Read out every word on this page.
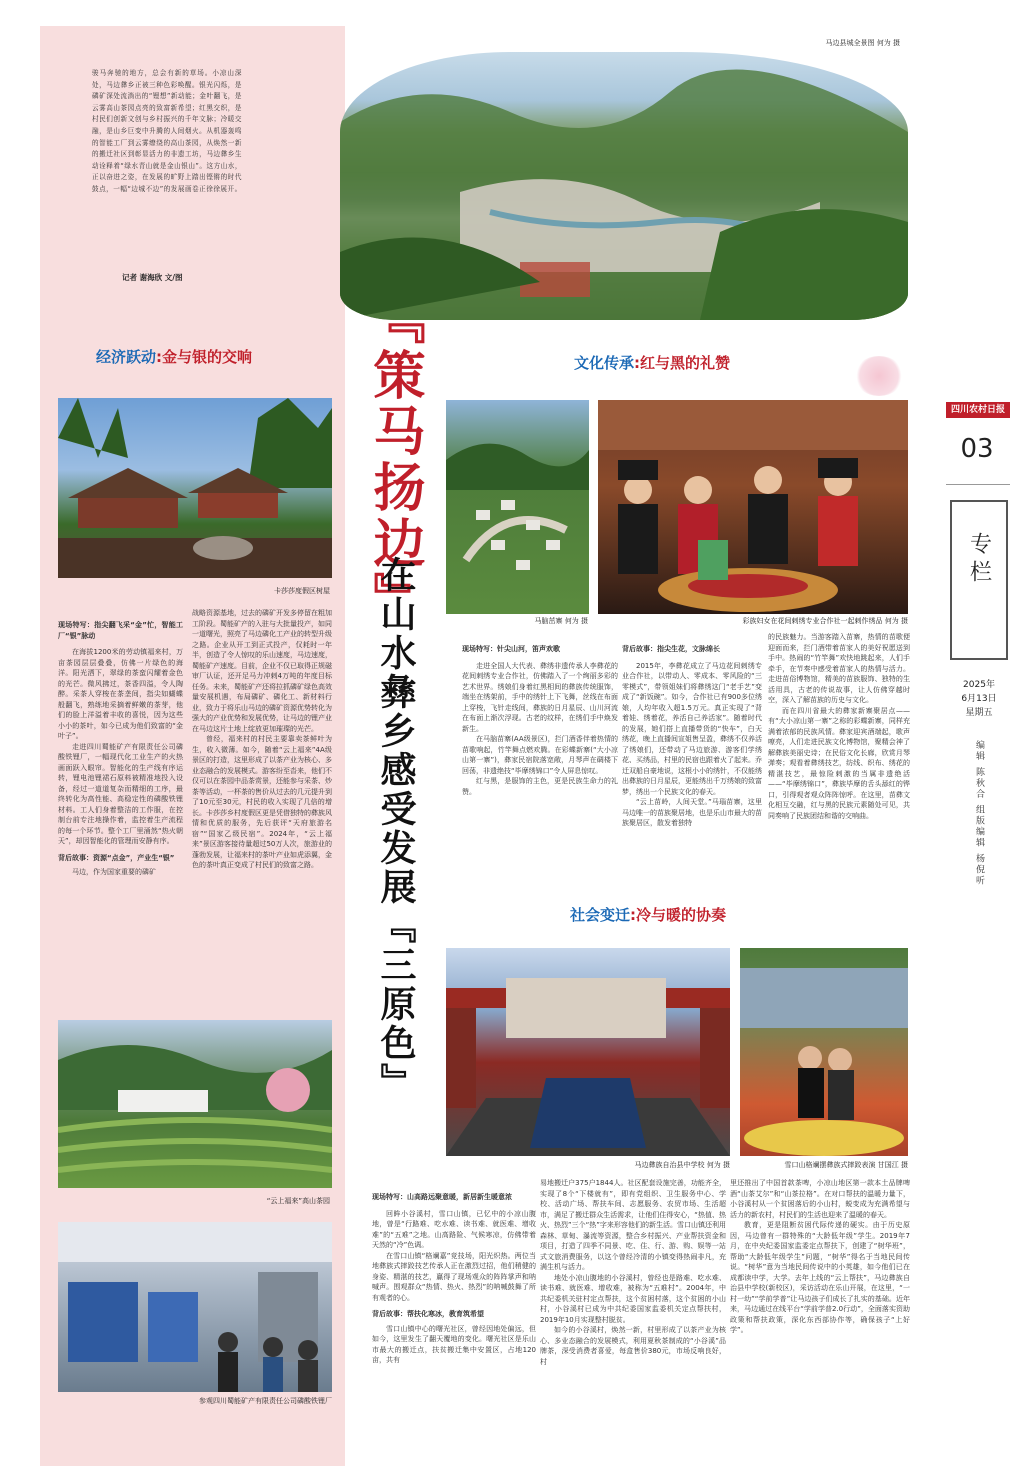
骏马奔驰的地方，总会有新的草场。小凉山深处，马边彝乡正被三种色彩唤醒。银光闪烁，是磷矿深处流淌出的“锂想”新动能；金叶翻飞，是云雾高山茶园点亮的致富新希望；红黑交织，是村民们创新文创与乡村振兴的千年文脉；冷暖交融，是山乡巨变中升腾的人间烟火。从机器轰鸣的智能工厂到云雾缭绕的高山茶园，从焕然一新的搬迁社区到彰显活力的非遗工坊，马边彝乡生动诠释着“绿水青山就是金山银山”。这方山水，正以奋进之姿，在发展的旷野上踏出铿锵的时代鼓点，一幅“边城不边”的发展画卷正徐徐展开。
记者 谢海欣 文/图
马边县城全景图 何为 摄
『策马扬边』
在山水彝乡感受发展『三原色』
经济跃动:金与银的交响
卡莎莎度假区树屋
现场特写：指尖翻飞采“金”忙，智能工厂“银”脉动
在海拔1200米的劳动镇福来村，万亩茶园层层叠叠，仿佛一片绿色的海洋。阳光洒下，翠绿的茶蛮闪耀着金色的光芒。微风拂过，茶香四溢，令人陶醉。采茶人穿梭在茶垄间，指尖如蝴蝶般翻飞，熟练地采摘着鲜嫩的茶芽，他们的脸上洋溢着丰收的喜悦，因为这些小小的茶叶，如今已成为他们致富的“金叶子”。
走进四川蜀能矿产有限责任公司磷酸铁锂厂，一幅现代化工业生产的火热画面跃入眼帘。智能化的生产线有序运转，锂电池锂裙石原料被精准地投入设备，经过一道道复杂而精细的工序，最终转化为高性能、高稳定性的磷酸铁锂材料。工人们身着整洁的工作服，在控制台前专注地操作着，监控着生产流程的每一个环节。整个工厂里涌然“热火朝天”，却因智能化的管理而安静有序。
背后故事：资源“点金”，产业生“银”
马边，作为国家重要的磷矿
战略资源基地，过去的磷矿开发多停留在粗加工阶段。蜀能矿产的入驻与大批量投产，如同一道曙光，照亮了马边磷化工产业的转型升级之路。企业从开工到正式投产，仅耗时一年半，创造了令人惊叹的乐山速度，马边速度，蜀能矿产速度。目前，企业不仅已取得正规磁审厂认证，还开足马力冲刺4万吨的年度目标任务。未来，蜀能矿产还将拉抓磷矿绿色高效量安展机遇，布局磷矿、磷化工、新材料行业，致力于将乐山马边的磷矿资源优势转化为强大的产业优势和发展优势，让马边的锂产业在马边这片土地上绽放更加璀璨的光芒。
曾经，福来村的村民主要靠卖茶鲜叶为生，收入微薄。如今，随着“云上福来”4A级景区的打造，这里形成了以茶产业为核心、多业态融合的发展模式。游客纷至沓来，他们不仅可以在茶园中品茶赏景，还能参与采茶、炒茶等活动，一杯茶的售价从过去的几元提升到了10元至30元，村民的收入实现了几倍的增长。卡莎莎乡村度假区更是凭借独特的彝族风情和优质的服务，先后获评“天府旅游名宿”“国家乙级民宿”。2024年，“云上福来”景区游客接待量超过50万人次，旅游业的蓬勃发展，让福来村的茶叶产业如虎添翼，金色的茶叶真正变成了村民们的致富之路。
“云上福来”高山茶园
参观四川蜀能矿产有限责任公司磷酸铁锂厂
文化传承:红与黑的礼赞
马脑茁寨 何为 摄	彩族妇女在花间刺绣专业合作社一起刺作绣品 何为 摄
现场特写：针尖山河，笛声欢歌
走进全国人大代表、彝绣非遗传承人李彝花的花间刺绣专业合作社，仿佛踏入了一个绚丽多彩的艺术世界。绣娘们身着红黑相间的彝族传统服饰，端坐在绣架前，手中的绣针上下飞舞，丝线在布面上穿梭，飞针走线间，彝族的日月星辰、山川河流在布面上渐次浮现。古老的纹样，在绣们手中焕发新生。
在马脑苗寨(AA级景区)，拦门酒香伴着热情的苗歌响起，竹竿舞点燃欢腾。在彩蝶新寨(“大小凉山第一寨”)，彝家民宿院落宽敞，月琴声在碉楼下回荡，非遗绝技“毕摩绣锦口”令人屏息惊叹。
红与黑，是服饰的主色，更是民族生命力的礼赞。
背后故事：指尖生花，文脉绵长
2015年，李彝花成立了马边花间刺绣专业合作社，以带动人、零成本、零风险的“三零模式”，带领姐妹们将彝绣这门“老手艺”变成了“新饭碗”。如今，合作社已有900多位绣娘，人均年收入超1.5万元。真正实现了“背着娃、绣着花，养活自己养活家”。随着时代的发展，她们搭上直播带货的“快车”，白天绣花，晚上直播间宣姐售呈盈，彝绣不仅养活了绣娘们，还带动了马边旅游、游客们学绣花、买绣品，村里的民宿也跟着火了起来。乔迁双船自豪地说，这根小小的绣针，不仅能绣出彝族的日月星辰，更能绣出千万绣娘的致富梦，绣出一个民族文化的春天。
“云上苗岭，人间天堂。”马瑙苗寨，这里马边唯一的苗族聚居地，也是乐山市最大的苗族聚居区，散发着独特
的民族魅力。当游客踏入苗寨，热情的苗歌便迎面而来，拦门酒带着苗家人的美好祝愿送到手中。热闹的“竹竿舞”欢快地跳起来，人们手牵手，在节奏中感受着苗家人的热情与活力。走进苗俗博物馆，精美的苗族服饰、独特的生活用具，古老的传说故事，让人仿佛穿越时空，深入了解苗族的历史与文化。
而在四川省最大的彝家新寨聚居点——有“大小凉山第一寨”之称的彩蝶新寨，同样充满着浓郁的民族风情。彝家迎宾酒端起，歌声嘹亮，人们走进民族文化博物馆，聚精会神了解彝族美丽史诗；在民俗文化长廊，欣赏月琴弹奏；观看着彝绣技艺，纺线、织布、绣花的精湛技艺，最惊险刺激的当属非遗绝活——“毕摩绣锦口”，彝族毕摩的舌头舔红的铧口，引得观者观众阵阵惊呼。在这里，苗彝文化相互交融，红与黑的民族元素随处可见，共同奏响了民族团结和谐的交响曲。
社会变迁:冷与暖的协奏
马边彝族自治县中学校 何为 摄	雪口山格斓摆彝族式摔跤表演 甘国江 摄
现场特写：山高路远聚意暖，新居新生暖意浓
回眸小谷溪村，雪口山镇，已忆中的小凉山腹地，曾是“行路难、吃水难、读书难、就医难、增收难”的“五难”之地。山高路险、气候寒凉，仿佛带着天然的“冷”色调。
在雪口山镇“格斓嘉”竞技场，阳光炽热。两位当地彝族式摔跤技艺传承人正在激烈过招，他们稍健的身姿、精湛的技艺，赢得了现场观众的阵阵掌声和呐喊声。围观群众“热情、热火、热烈”的呐喊鼓舞了所有观者的心。
背后故事：帮扶化寒冰，教育筑希望
雪口山镇中心的曙光社区，曾经因地处偏远，但如今，这里发生了翻天覆地的变化。曙光社区是乐山市最大的搬迁点，扶贫搬迁集中安置区，占地120亩，共有
易地搬迁户375户1844人。社区配套设施完善，功能齐全，实现了8个“下楼就有”，即有党组织、卫生服务中心、学校、活动广场、帮扶车间、志愿服务、农贸市场、生活超市，满足了搬迁群众生活需求，让他们住得安心，“热值、热火、热烈”三个“热”字来形容他们的新生活。雪口山镇还利用森林、草甸、瀑流等资源，整合乡村振兴、产业帮扶资金和项目，打造了四季不同景、吃、住、行、游、购、娱等一站式文旅消费服务，以这个曾经冷清的小镇变得热闹非凡，充满生机与活力。
地处小凉山腹地的小谷溪村，曾经也是路难、吃水难、读书难、就医难、增收难，被称为“五难村”。2004年，中共纪委机关驻村定点帮扶，这个贫困村落，这个贫困的小山村，小谷溪村已成为中共纪委国家监委机关定点帮扶村，2019年10月实现整村脱贫。
如今的小谷溪村，焕然一新，村里形成了以茶产业为核心、多业态融合的发展模式，利用夏秋茶制成的“小谷溪”品牌茶，深受消费者喜爱，每盒售价380元，市场反响良好，村
里还推出了中国首款茶啤，小凉山地区第一款本土品牌啤酒“山茶艾尔”和“山茶拉格”。在对口帮扶的温暖力量下，小谷溪村从一个贫困落后的小山村，蜕变成为充满希望与活力的新农村，村民们的生活也迎来了温暖的春天。
教育，更是阻断贫困代际传递的硬实。由于历史原因，马边曾有一群特殊的“大龄低年级”学生。2019年7月，在中央纪委国家监委定点帮扶下，创建了“树华班”，帮助“大龄低年级学生”问题，“树华”得名于当地民间传说。“树华”意为当地民间传说中的小英雄，如今他们已在成都读中学，大学。去年上线的“云上帮扶”，马边彝族自治县中学校(新校区)，采访活动在乐山开展，在这里，“一村一幼”“学前学普”让马边孩子们成长了扎实的基础。近年来，马边通过在线平台“学前学普2.0行动”，全面落实资助政策和帮扶政策，深化东西部协作等，确保孩子“上好学”。
四川农村日报
03
专栏
2025年
6月13日
星期五
编辑 陈秋合 组版编辑 杨倪听
